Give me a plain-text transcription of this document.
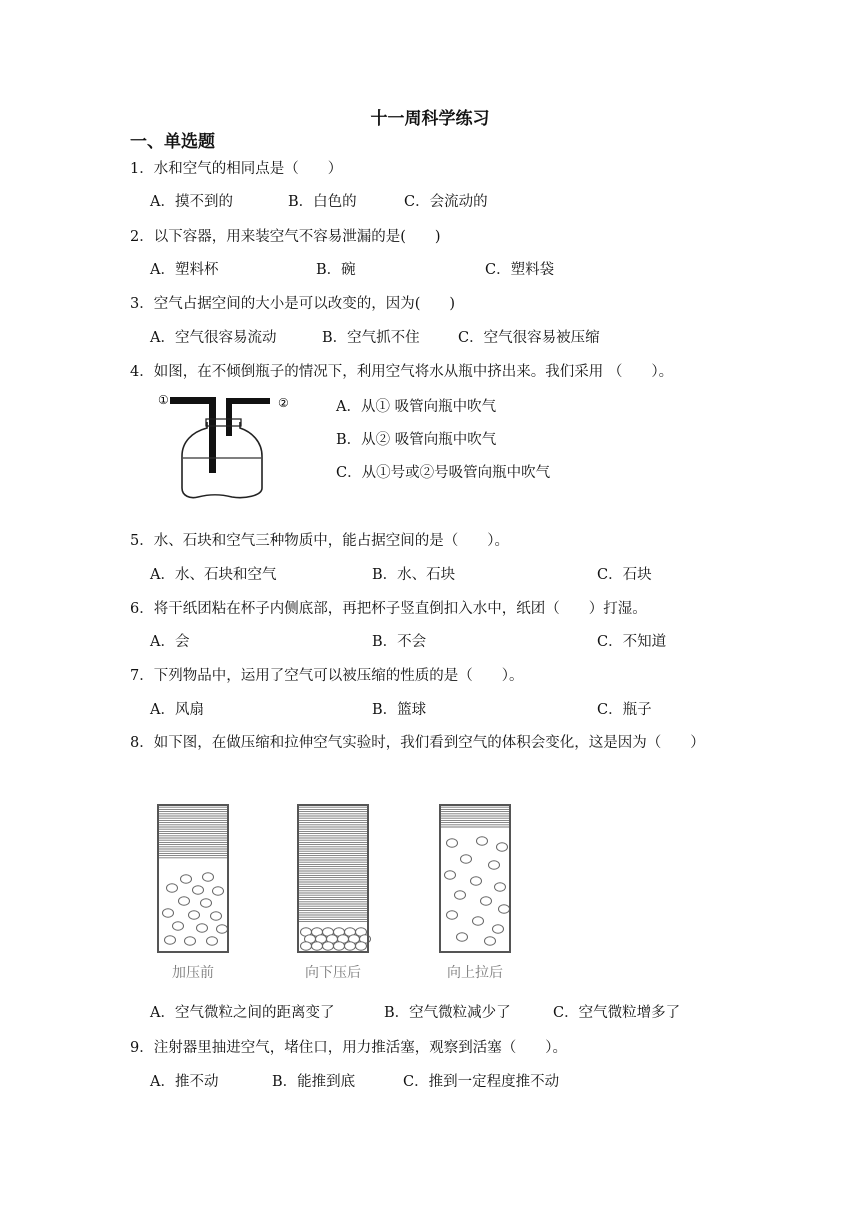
十一周科学练习
一、单选题
1．水和空气的相同点是（　　）
A．摸不到的	B．白色的	C．会流动的
2．以下容器，用来装空气不容易泄漏的是(　　)
A．塑料杯	B．碗	C．塑料袋
3．空气占据空间的大小是可以改变的，因为(　　)
A．空气很容易流动	B．空气抓不住	C．空气很容易被压缩
4．如图，在不倾倒瓶子的情况下，利用空气将水从瓶中挤出来。我们采用 （　　）。
①	②	A．从① 吸管向瓶中吹气
B．从② 吸管向瓶中吹气
C．从①号或②号吸管向瓶中吹气
5．水、石块和空气三种物质中，能占据空间的是（　　）。
A．水、石块和空气	B．水、石块	C．石块
6．将干纸团粘在杯子内侧底部，再把杯子竖直倒扣入水中，纸团（　　）打湿。
A．会	B．不会	C．不知道
7．下列物品中，运用了空气可以被压缩的性质的是（　　）。
A．风扇	B．篮球	C．瓶子
8．如下图，在做压缩和拉伸空气实验时，我们看到空气的体积会变化，这是因为（　　）
加压前	向下压后	向上拉后
A．空气微粒之间的距离变了	B．空气微粒减少了	C．空气微粒增多了
9．注射器里抽进空气，堵住口，用力推活塞，观察到活塞（　　）。
A．推不动	B．能推到底	C．推到一定程度推不动
